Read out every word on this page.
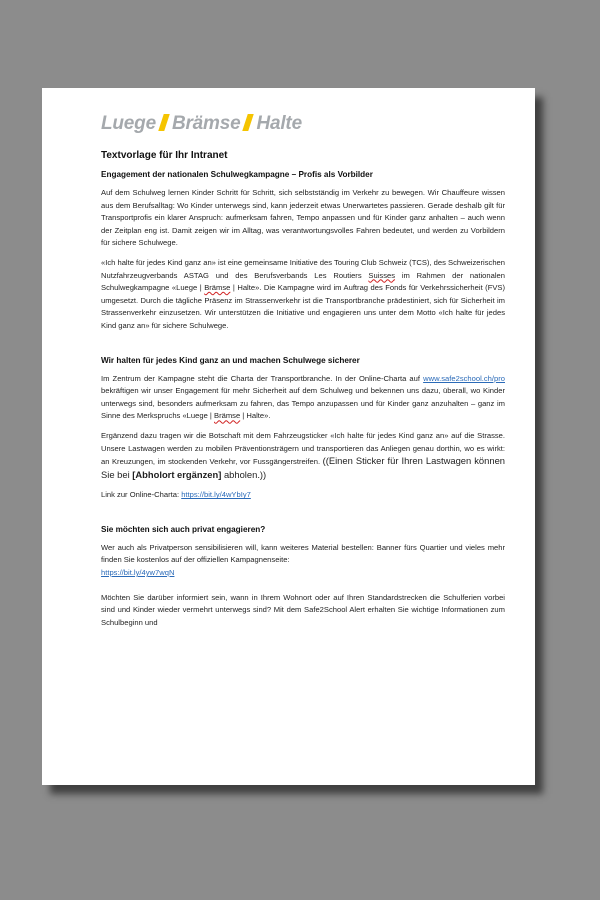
Luege Brämse Halte
Textvorlage für Ihr Intranet
Engagement der nationalen Schulwegkampagne – Profis als Vorbilder

Auf dem Schulweg lernen Kinder Schritt für Schritt, sich selbstständig im Verkehr zu bewegen. Wir Chauffeure wissen aus dem Berufsalltag: Wo Kinder unterwegs sind, kann jederzeit etwas Unerwartetes passieren. Gerade deshalb gilt für Transportprofis ein klarer Anspruch: aufmerksam fahren, Tempo anpassen und für Kinder ganz anhalten – auch wenn der Zeitplan eng ist. Damit zeigen wir im Alltag, was verantwortungsvolles Fahren bedeutet, und werden zu Vorbildern für sichere Schulwege.

«Ich halte für jedes Kind ganz an» ist eine gemeinsame Initiative des Touring Club Schweiz (TCS), des Schweizerischen Nutzfahrzeugverbands ASTAG und des Berufsverbands Les Routiers Suisses im Rahmen der nationalen Schulwegkampagne «Luege | Brämse | Halte». Die Kampagne wird im Auftrag des Fonds für Verkehrssicherheit (FVS) umgesetzt. Durch die tägliche Präsenz im Strassenverkehr ist die Transportbranche prädestiniert, sich für Sicherheit im Strassenverkehr einzusetzen. Wir unterstützen die Initiative und engagieren uns unter dem Motto «Ich halte für jedes Kind ganz an» für sichere Schulwege.

Wir halten für jedes Kind ganz an und machen Schulwege sicherer

Im Zentrum der Kampagne steht die Charta der Transportbranche. In der Online-Charta auf www.safe2school.ch/pro bekräftigen wir unser Engagement für mehr Sicherheit auf dem Schulweg und bekennen uns dazu, überall, wo Kinder unterwegs sind, besonders aufmerksam zu fahren, das Tempo anzupassen und für Kinder ganz anzuhalten – ganz im Sinne des Merkspruchs «Luege | Brämse | Halte».

Ergänzend dazu tragen wir die Botschaft mit dem Fahrzeugsticker «Ich halte für jedes Kind ganz an» auf die Strasse. Unsere Lastwagen werden zu mobilen Präventionsträgern und transportieren das Anliegen genau dorthin, wo es wirkt: an Kreuzungen, im stockenden Verkehr, vor Fussgängerstreifen. ((Einen Sticker für Ihren Lastwagen können Sie bei [Abholort ergänzen] abholen.))

Link zur Online-Charta: https://bit.ly/4wYbIy7

Sie möchten sich auch privat engagieren?

Wer auch als Privatperson sensibilisieren will, kann weiteres Material bestellen: Banner fürs Quartier und vieles mehr finden Sie kostenlos auf der offiziellen Kampagnenseite:
https://bit.ly/4yw7wqN

Möchten Sie darüber informiert sein, wann in Ihrem Wohnort oder auf Ihren Standardstrecken die Schulferien vorbei sind und Kinder wieder vermehrt unterwegs sind? Mit dem Safe2School Alert erhalten Sie wichtige Informationen zum Schulbeginn und
